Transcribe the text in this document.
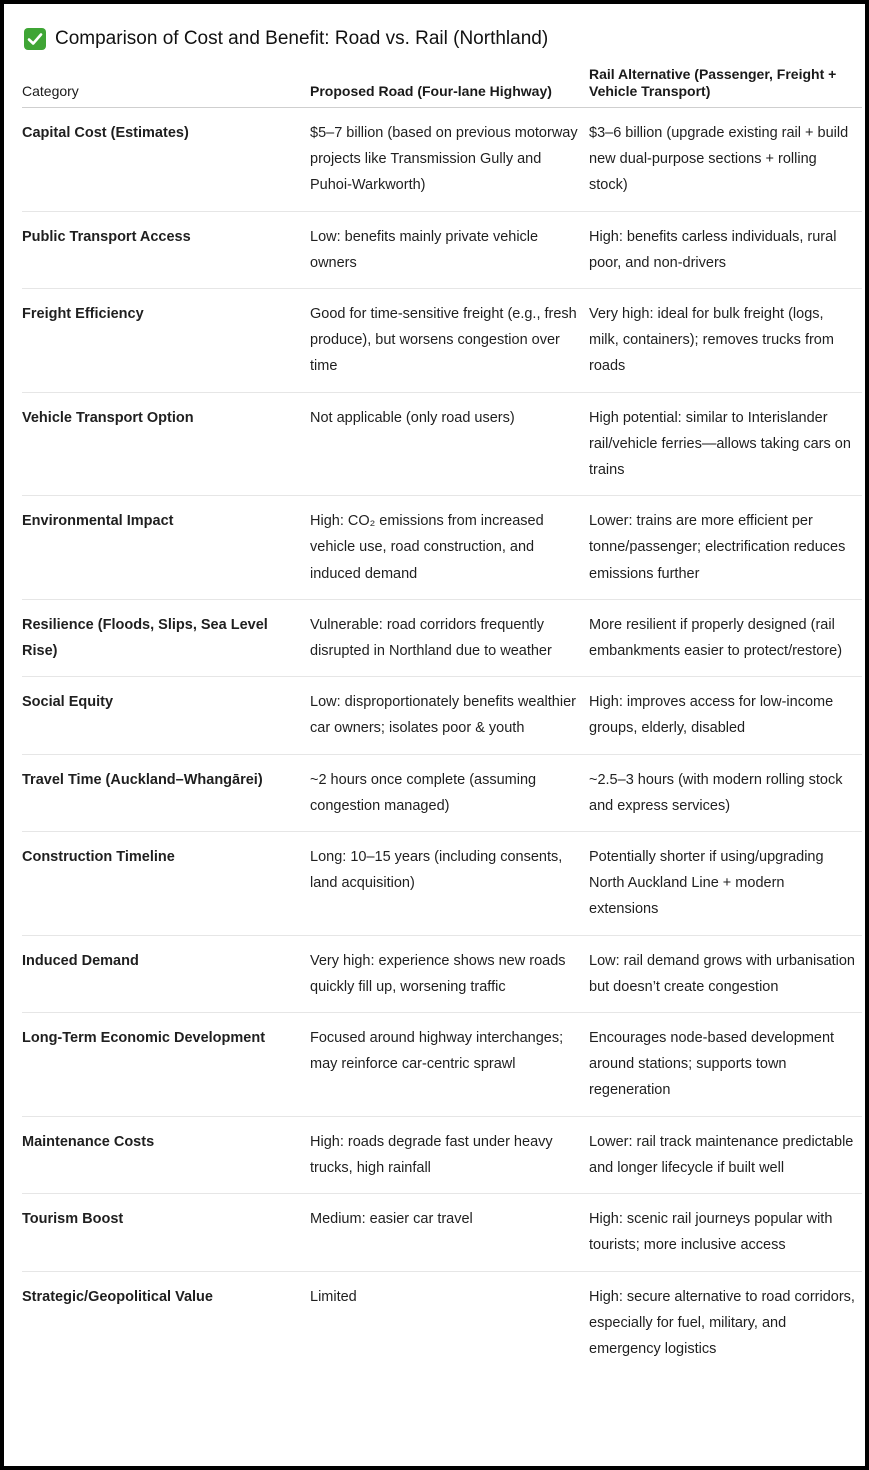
Comparison of Cost and Benefit: Road vs. Rail (Northland)
Category	Proposed Road (Four-lane Highway)	Rail Alternative (Passenger, Freight + Vehicle Transport)
Capital Cost (Estimates)	$5–7 billion (based on previous motorway projects like Transmission Gully and Puhoi-Warkworth)	$3–6 billion (upgrade existing rail + build new dual-purpose sections + rolling stock)
Public Transport Access	Low: benefits mainly private vehicle owners	High: benefits carless individuals, rural poor, and non-drivers
Freight Efficiency	Good for time-sensitive freight (e.g., fresh produce), but worsens congestion over time	Very high: ideal for bulk freight (logs, milk, containers); removes trucks from roads
Vehicle Transport Option	Not applicable (only road users)	High potential: similar to Interislander rail/vehicle ferries—allows taking cars on trains
Environmental Impact	High: CO₂ emissions from increased vehicle use, road construction, and induced demand	Lower: trains are more efficient per tonne/passenger; electrification reduces emissions further
Resilience (Floods, Slips, Sea Level Rise)	Vulnerable: road corridors frequently disrupted in Northland due to weather	More resilient if properly designed (rail embankments easier to protect/restore)
Social Equity	Low: disproportionately benefits wealthier car owners; isolates poor & youth	High: improves access for low-income groups, elderly, disabled
Travel Time (Auckland–Whangārei)	~2 hours once complete (assuming congestion managed)	~2.5–3 hours (with modern rolling stock and express services)
Construction Timeline	Long: 10–15 years (including consents, land acquisition)	Potentially shorter if using/upgrading North Auckland Line + modern extensions
Induced Demand	Very high: experience shows new roads quickly fill up, worsening traffic	Low: rail demand grows with urbanisation but doesn’t create congestion
Long-Term Economic Development	Focused around highway interchanges; may reinforce car-centric sprawl	Encourages node-based development around stations; supports town regeneration
Maintenance Costs	High: roads degrade fast under heavy trucks, high rainfall	Lower: rail track maintenance predictable and longer lifecycle if built well
Tourism Boost	Medium: easier car travel	High: scenic rail journeys popular with tourists; more inclusive access
Strategic/Geopolitical Value	Limited	High: secure alternative to road corridors, especially for fuel, military, and emergency logistics
